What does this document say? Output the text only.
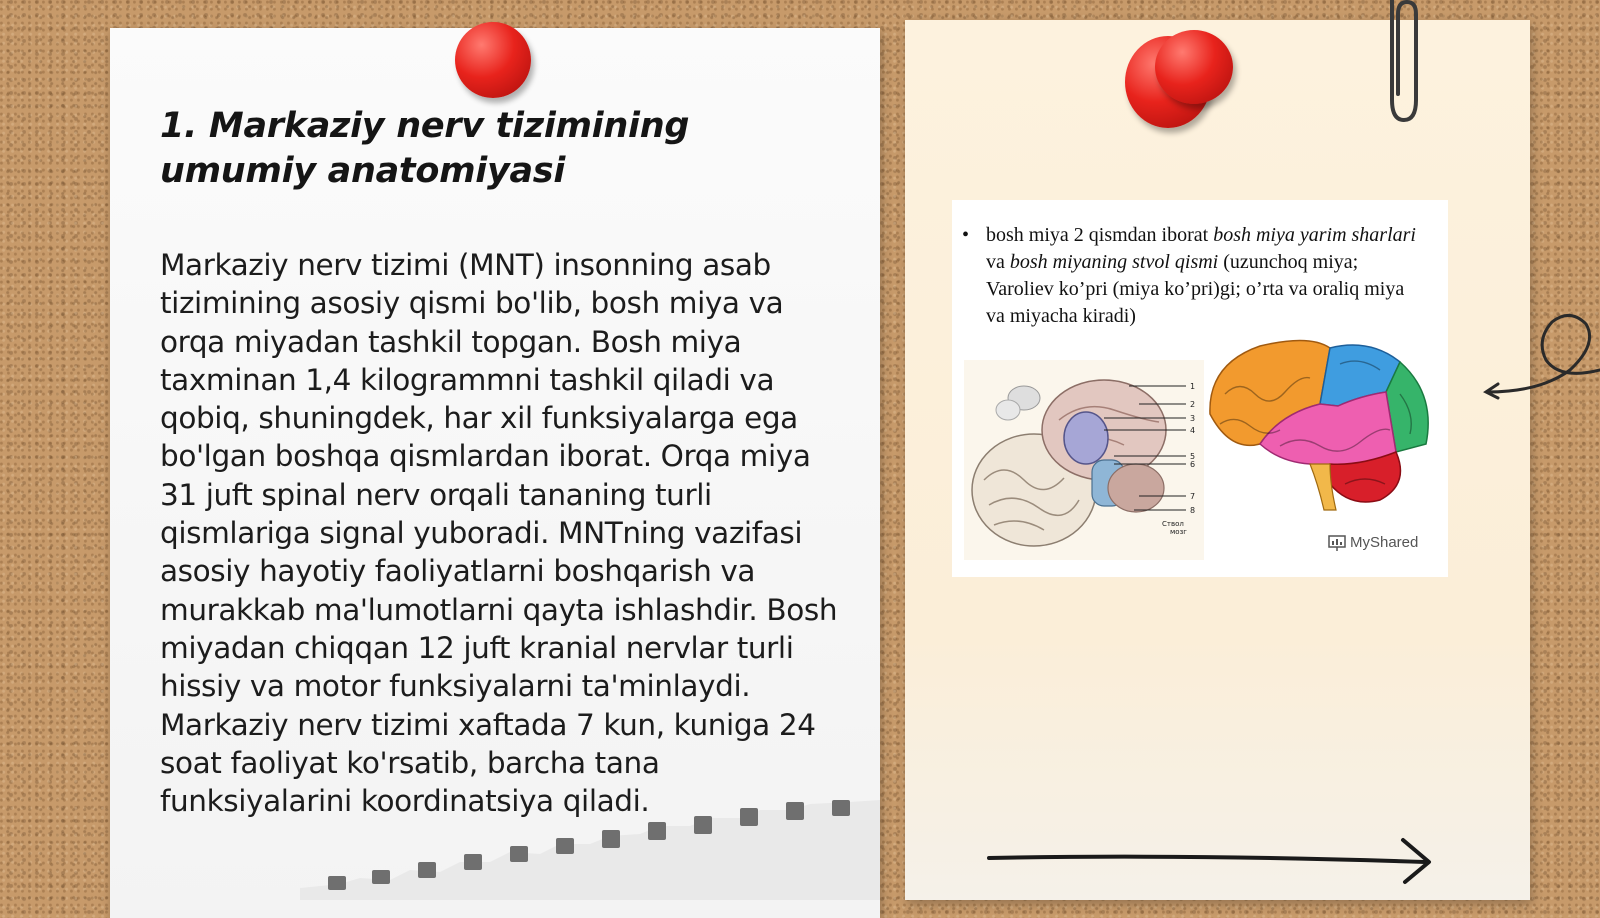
1. Markaziy nerv tizimining umumiy anatomiyasi

Markaziy nerv tizimi (MNT) insonning asab tizimining asosiy qismi bo'lib, bosh miya va orqa miyadan tashkil topgan. Bosh miya taxminan 1,4 kilogrammni tashkil qiladi va qobiq, shuningdek, har xil funksiyalarga ega bo'lgan boshqa qismlardan iborat. Orqa miya 31 juft spinal nerv orqali tananing turli qismlariga signal yuboradi. MNTning vazifasi asosiy hayotiy faoliyatlarni boshqarish va murakkab ma'lumotlarni qayta ishlashdir. Bosh miyadan chiqqan 12 juft kranial nervlar turli hissiy va motor funksiyalarni ta'minlaydi. Markaziy nerv tizimi xaftada 7 kun, kuniga 24 soat faoliyat ko'rsatib, barcha tana funksiyalarini koordinatsiya qiladi.

• bosh miya 2 qismdan iborat bosh miya yarim sharlari va bosh miyaning stvol qismi (uzunchoq miya; Varoliev ko’pri (miya ko’pri)gi; o’rta va oraliq miya va miyacha kiradi)

1
2
3
4
5
6
7
8
Ствол
мозг
MyShared
